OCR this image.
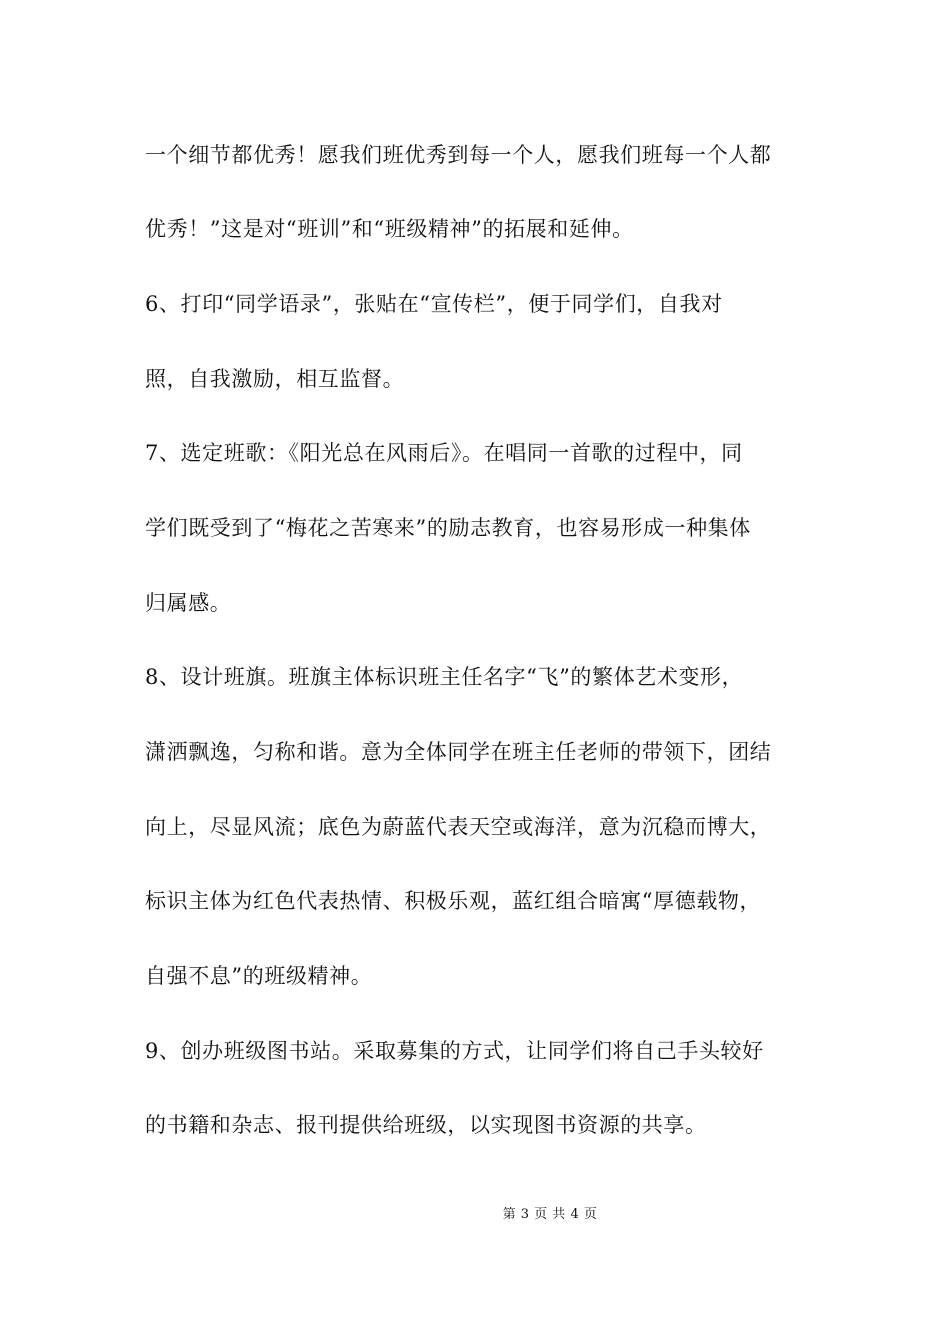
一个细节都优秀！愿我们班优秀到每一个人，愿我们班每一个人都
优秀！”这是对“班训”和“班级精神”的拓展和延伸。
6、打印“同学语录”，张贴在“宣传栏”，便于同学们，自我对
照，自我激励，相互监督。
7、选定班歌：《阳光总在风雨后》。在唱同一首歌的过程中，同
学们既受到了“梅花之苦寒来”的励志教育，也容易形成一种集体
归属感。
8、设计班旗。班旗主体标识班主任名字“飞”的繁体艺术变形，
潇洒飘逸，匀称和谐。意为全体同学在班主任老师的带领下，团结
向上，尽显风流；底色为蔚蓝代表天空或海洋，意为沉稳而博大，
标识主体为红色代表热情、积极乐观，蓝红组合暗寓“厚德载物，
自强不息”的班级精神。
9、创办班级图书站。采取募集的方式，让同学们将自己手头较好
的书籍和杂志、报刊提供给班级，以实现图书资源的共享。
第 3 页 共 4 页
